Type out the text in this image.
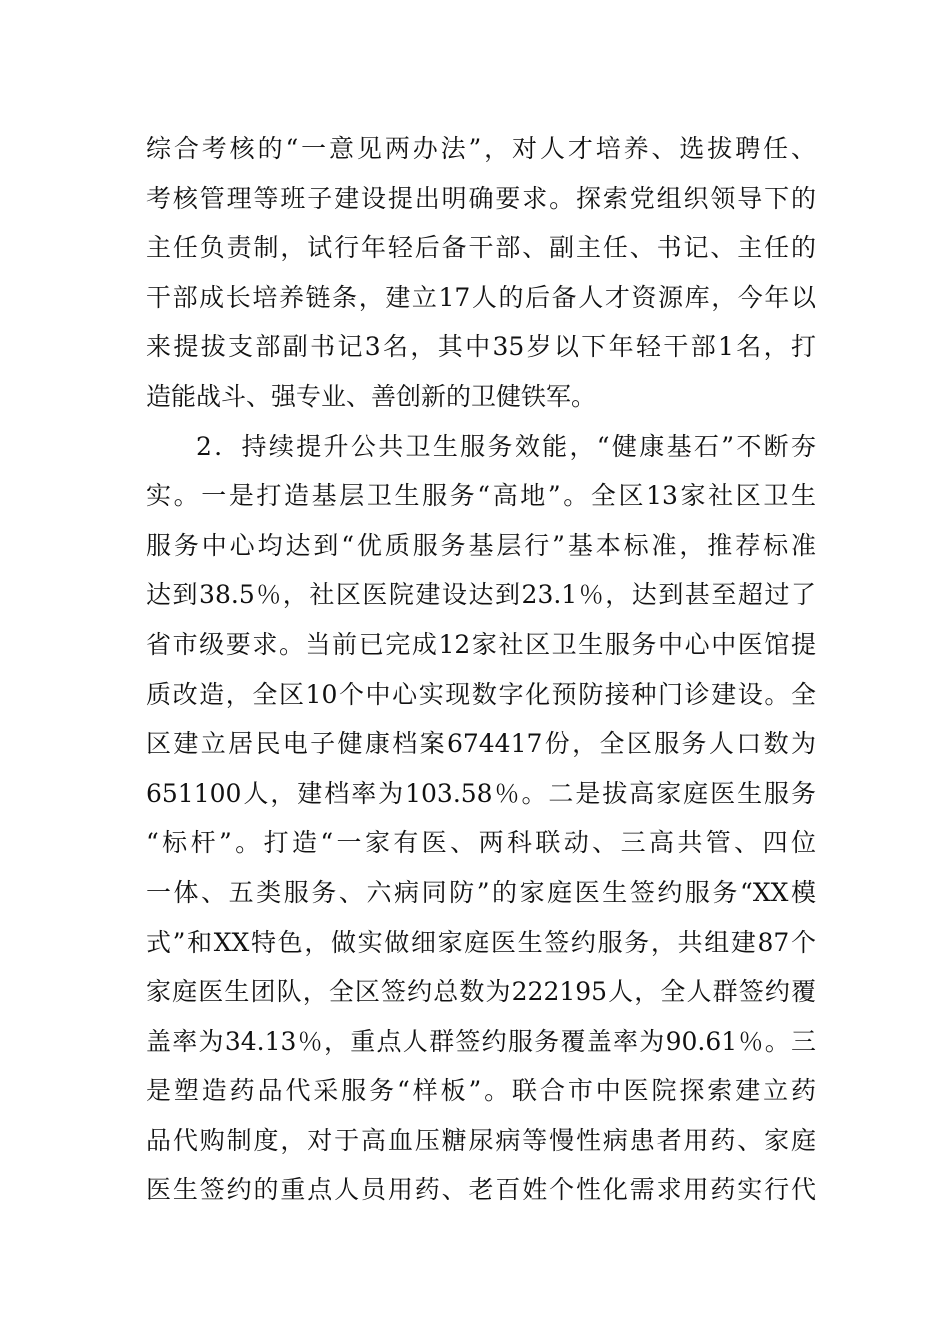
综合考核的“一意见两办法”，对人才培养、选拔聘任、
考核管理等班子建设提出明确要求。探索党组织领导下的
主任负责制，试行年轻后备干部、副主任、书记、主任的
干部成长培养链条，建立17人的后备人才资源库，今年以
来提拔支部副书记3名，其中35岁以下年轻干部1名，打
造能战斗、强专业、善创新的卫健铁军。
2．持续提升公共卫生服务效能，“健康基石”不断夯
实。一是打造基层卫生服务“高地”。全区13家社区卫生
服务中心均达到“优质服务基层行”基本标准，推荐标准
达到38.5％，社区医院建设达到23.1％，达到甚至超过了
省市级要求。当前已完成12家社区卫生服务中心中医馆提
质改造，全区10个中心实现数字化预防接种门诊建设。全
区建立居民电子健康档案674417份，全区服务人口数为
651100人，建档率为103.58％。二是拔高家庭医生服务
“标杆”。打造“一家有医、两科联动、三高共管、四位
一体、五类服务、六病同防”的家庭医生签约服务“XX模
式”和XX特色，做实做细家庭医生签约服务，共组建87个
家庭医生团队，全区签约总数为222195人，全人群签约覆
盖率为34.13％，重点人群签约服务覆盖率为90.61％。三
是塑造药品代采服务“样板”。联合市中医院探索建立药
品代购制度，对于高血压糖尿病等慢性病患者用药、家庭
医生签约的重点人员用药、老百姓个性化需求用药实行代
